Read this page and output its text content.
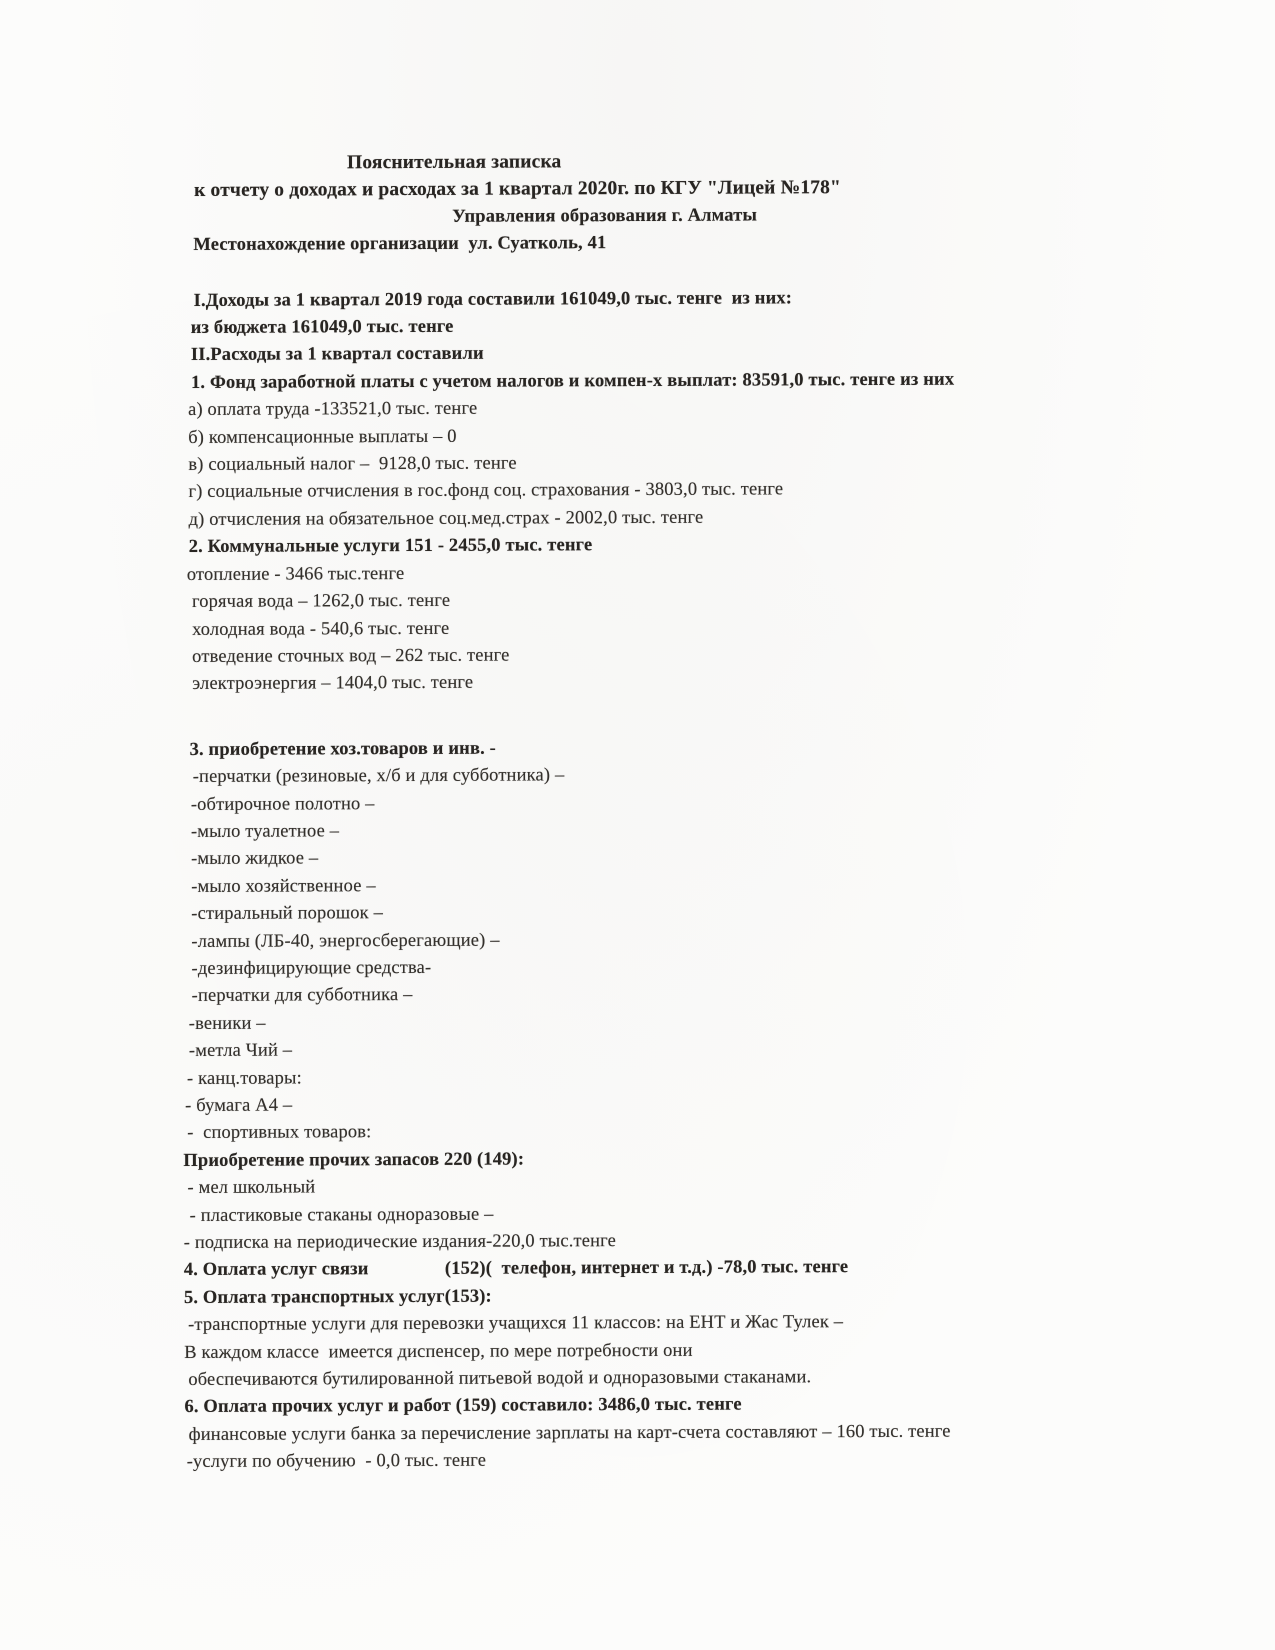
Пояснительная записка
к отчету о доходах и расходах за 1 квартал 2020г. по КГУ "Лицей №178"
Управления образования г. Алматы
Местонахождение организации  ул. Суатколь, 41
I.Доходы за 1 квартал 2019 года составили 161049,0 тыс. тенге  из них:
из бюджета 161049,0 тыс. тенге
II.Расходы за 1 квартал составили
1. Фонд заработной платы с учетом налогов и компен-х выплат: 83591,0 тыс. тенге из них
а) оплата труда -133521,0 тыс. тенге
б) компенсационные выплаты – 0
в) социальный налог –  9128,0 тыс. тенге
г) социальные отчисления в гос.фонд соц. страхования - 3803,0 тыс. тенге
д) отчисления на обязательное соц.мед.страх - 2002,0 тыс. тенге
2. Коммунальные услуги 151 - 2455,0 тыс. тенге
отопление - 3466 тыс.тенге
горячая вода – 1262,0 тыс. тенге
холодная вода - 540,6 тыс. тенге
отведение сточных вод – 262 тыс. тенге
электроэнергия – 1404,0 тыс. тенге
3. приобретение хоз.товаров и инв. -
-перчатки (резиновые, х/б и для субботника) –
-обтирочное полотно –
-мыло туалетное –
-мыло жидкое –
-мыло хозяйственное –
-стиральный порошок –
-лампы (ЛБ-40, энергосберегающие) –
-дезинфицирующие средства-
-перчатки для субботника –
-веники –
-метла Чий –
- канц.товары:
- бумага А4 –
-  спортивных товаров:
Приобретение прочих запасов 220 (149):
- мел школьный
- пластиковые стаканы одноразовые –
- подписка на периодические издания-220,0 тыс.тенге
4. Оплата услуг связи                (152)(  телефон, интернет и т.д.) -78,0 тыс. тенге
5. Оплата транспортных услуг(153):
-транспортные услуги для перевозки учащихся 11 классов: на ЕНТ и Жас Тулек –
В каждом классе  имеется диспенсер, по мере потребности они
обеспечиваются бутилированной питьевой водой и одноразовыми стаканами.
6. Оплата прочих услуг и работ (159) составило: 3486,0 тыс. тенге
финансовые услуги банка за перечисление зарплаты на карт-счета составляют – 160 тыс. тенге
-услуги по обучению  - 0,0 тыс. тенге
